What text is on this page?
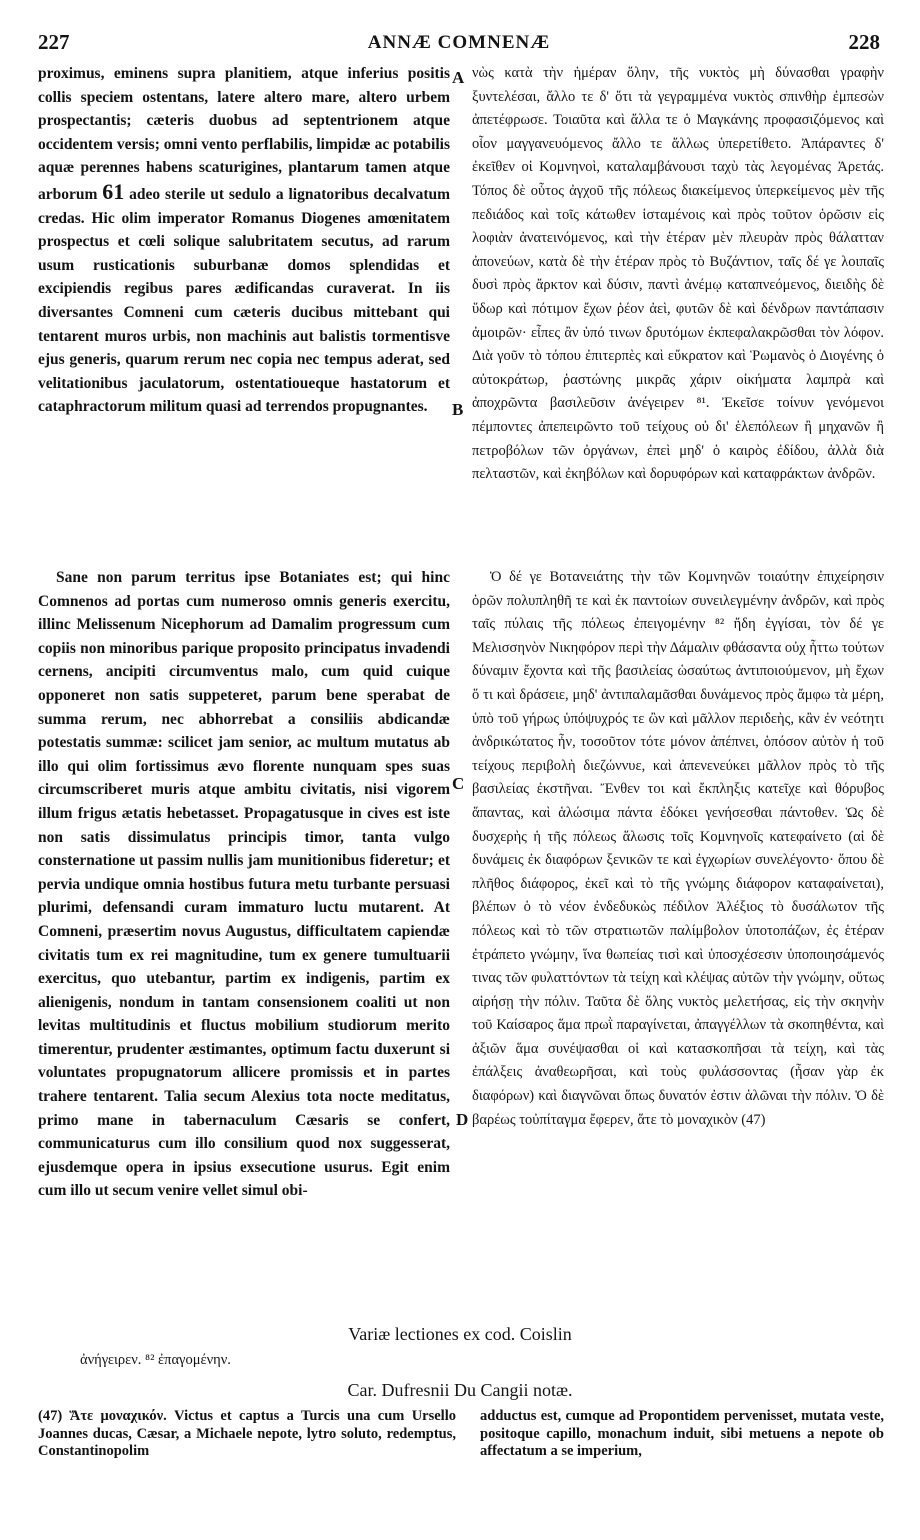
227	ANNÆ COMNENÆ	228
A
B
C
D

proximus, eminens supra planitiem, atque inferius positis collis speciem ostentans, latere altero mare, altero urbem prospectantis; cæteris duobus ad septentrionem atque occidentem versis; omni vento perflabilis, limpidæ ac potabilis aquæ perennes habens scaturigines, plantarum tamen atque arborum 61 adeo sterile ut sedulo a lignatoribus decalvatum credas. Hic olim imperator Romanus Diogenes amœnitatem prospectus et cœli solique salubritatem secutus, ad rarum usum rusticationis suburbanæ domos splendidas et excipiendis regibus pares ædificandas curaverat. In iis diversantes Comneni cum cæteris ducibus mittebant qui tentarent muros urbis, non machinis aut balistis tormentisve ejus generis, quarum rerum nec copia nec tempus aderat, sed velitationibus jaculatorum, ostentatioueque hastatorum et cataphractorum militum quasi ad terrendos propugnantes.

νὼς κατὰ τὴν ἡμέραν ὅλην, τῆς νυκτὸς μὴ δύνασθαι γραφὴν ξυντελέσαι, ἄλλο τε δ' ὅτι τὰ γεγραμμένα νυκτὸς σπινθὴρ ἐμπεσὼν ἀπετέφρωσε. Τοιαῦτα καὶ ἄλλα τε ὁ Μαγκάνης προφασιζόμενος καὶ οἷον μαγγανευόμενος ἄλλο τε ἄλλως ὑπερετίθετο. Ἀπάραντες δ' ἐκεῖθεν οἱ Κομνηνοὶ, καταλαμβάνουσι ταχὺ τὰς λεγομένας Ἀρετάς. Τόπος δὲ οὗτος ἀγχοῦ τῆς πόλεως διακείμενος ὑπερκείμενος μὲν τῆς πεδιάδος καὶ τοῖς κάτωθεν ἱσταμένοις καὶ πρὸς τοῦτον ὁρῶσιν εἰς λοφιὰν ἀνατεινόμενος, καὶ τὴν ἑτέραν μὲν πλευρὰν πρὸς θάλατταν ἀπονεύων, κατὰ δὲ τὴν ἑτέραν πρὸς τὸ Βυζάντιον, ταῖς δέ γε λοιπαῖς δυσὶ πρὸς ἄρκτον καὶ δύσιν, παντὶ ἀνέμῳ καταπνεόμενος, διειδὴς δὲ ὕδωρ καὶ πότιμον ἔχων ῥέον ἀεὶ, φυτῶν δὲ καὶ δένδρων παντάπασιν ἀμοιρῶν· εἶπες ἂν ὑπό τινων δρυτόμων ἐκπεφαλακρῶσθαι τὸν λόφον. Διὰ γοῦν τὸ τόπου ἐπιτερπὲς καὶ εὔκρατον καὶ Ῥωμανὸς ὁ Διογένης ὁ αὐτοκράτωρ, ῥαστώνης μικρᾶς χάριν οἰκήματα λαμπρὰ καὶ ἀποχρῶντα βασιλεῦσιν ἀνέγειρεν ⁸¹. Ἐκεῖσε τοίνυν γενόμενοι πέμποντες ἀπεπειρῶντο τοῦ τείχους οὐ δι' ἑλεπόλεων ἢ μηχανῶν ἢ πετροβόλων τῶν ὀργάνων, ἐπεὶ μηδ' ὁ καιρὸς ἐδίδου, ἀλλὰ διὰ πελταστῶν, καὶ ἐκηβόλων καὶ δορυφόρων καὶ καταφράκτων ἀνδρῶν.

Sane non parum territus ipse Botaniates est; qui hinc Comnenos ad portas cum numeroso omnis generis exercitu, illinc Melissenum Nicephorum ad Damalim progressum cum copiis non minoribus parique proposito principatus invadendi cernens, ancipiti circumventus malo, cum quid cuique opponeret non satis suppeteret, parum bene sperabat de summa rerum, nec abhorrebat a consiliis abdicandæ potestatis summæ: scilicet jam senior, ac multum mutatus ab illo qui olim fortissimus ævo florente nunquam spes suas circumscriberet muris atque ambitu civitatis, nisi vigorem illum frigus ætatis hebetasset. Propagatusque in cives est iste non satis dissimulatus principis timor, tanta vulgo consternatione ut passim nullis jam munitionibus fideretur; et pervia undique omnia hostibus futura metu turbante persuasi plurimi, defensandi curam immaturo luctu mutarent. At Comneni, præsertim novus Augustus, difficultatem capiendæ civitatis tum ex rei magnitudine, tum ex genere tumultuarii exercitus, quo utebantur, partim ex indigenis, partim ex alienigenis, nondum in tantam consensionem coaliti ut non levitas multitudinis et fluctus mobilium studiorum merito timerentur, prudenter æstimantes, optimum factu duxerunt si voluntates propugnatorum allicere promissis et in partes trahere tentarent. Talia secum Alexius tota nocte meditatus, primo mane in tabernaculum Cæsaris se confert, communicaturus cum illo consilium quod nox suggesserat, ejusdemque opera in ipsius exsecutione usurus. Egit enim cum illo ut secum venire vellet simul obi-

Ὁ δέ γε Βοτανειάτης τὴν τῶν Κομνηνῶν τοιαύτην ἐπιχείρησιν ὁρῶν πολυπληθῆ τε καὶ ἐκ παντοίων συνειλεγμένην ἀνδρῶν, καὶ πρὸς ταῖς πύλαις τῆς πόλεως ἐπειγομένην ⁸² ἤδη ἐγγίσαι, τὸν δέ γε Μελισσηνὸν Νικηφόρον περὶ τὴν Δάμαλιν φθάσαντα οὐχ ἧττω τούτων δύναμιν ἔχοντα καὶ τῆς βασιλείας ὡσαύτως ἀντιποιούμενον, μὴ ἔχων ὅ τι καὶ δράσειε, μηδ' ἀντιπαλαμᾶσθαι δυνάμενος πρὸς ἄμφω τὰ μέρη, ὑπὸ τοῦ γήρως ὑπόψυχρός τε ὢν καὶ μᾶλλον περιδεὴς, κἂν ἐν νεότητι ἀνδρικώτατος ἦν, τοσοῦτον τότε μόνον ἀπέπνει, ὁπόσον αὐτὸν ἡ τοῦ τείχους περιβολὴ διεζώννυε, καὶ ἀπενενεύκει μᾶλλον πρὸς τὸ τῆς βασιλείας ἐκστῆναι. Ἔνθεν τοι καὶ ἔκπληξις κατεῖχε καὶ θόρυβος ἅπαντας, καὶ ἁλώσιμα πάντα ἐδόκει γενήσεσθαι πάντοθεν. Ὡς δὲ δυσχερὴς ἡ τῆς πόλεως ἅλωσις τοῖς Κομνηνοῖς κατεφαίνετο (αἱ δὲ δυνάμεις ἐκ διαφόρων ξενικῶν τε καὶ ἐγχωρίων συνελέγοντο· ὅπου δὲ πλῆθος διάφορος, ἐκεῖ καὶ τὸ τῆς γνώμης διάφορον καταφαίνεται), βλέπων ὁ τὸ νέον ἐνδεδυκὼς πέδιλον Ἀλέξιος τὸ δυσάλωτον τῆς πόλεως καὶ τὸ τῶν στρατιωτῶν παλίμβολον ὑποτοπάζων, ἐς ἑτέραν ἐτράπετο γνώμην, ἵνα θωπείας τισὶ καὶ ὑποσχέσεσιν ὑποποιησάμενός τινας τῶν φυλαττόντων τὰ τείχη καὶ κλέψας αὐτῶν τὴν γνώμην, οὕτως αἱρήσῃ τὴν πόλιν. Ταῦτα δὲ ὅλης νυκτὸς μελετήσας, εἰς τὴν σκηνὴν τοῦ Καίσαρος ἅμα πρωῒ παραγίνεται, ἀπαγγέλλων τὰ σκοπηθέντα, καὶ ἀξιῶν ἅμα συνέψασθαι οἱ καὶ κατασκοπῆσαι τὰ τείχη, καὶ τὰς ἐπάλξεις ἀναθεωρῆσαι, καὶ τοὺς φυλάσσοντας (ἦσαν γὰρ ἐκ διαφόρων) καὶ διαγνῶναι ὅπως δυνατόν ἐστιν ἁλῶναι τὴν πόλιν. Ὁ δὲ βαρέως τοὐπίταγμα ἔφερεν, ἅτε τὸ μοναχικὸν (47)

Variæ lectiones ex cod. Coislin
ἀνήγειρεν. ⁸² ἐπαγομένην.
Car. Dufresnii Du Cangii notæ.

(47) Ἅτε μοναχικόν. Victus et captus a Turcis una cum Ursello Joannes ducas, Cæsar, a Michaele nepote, lytro soluto, redemptus, Constantinopolim

adductus est, cumque ad Propontidem pervenisset, mutata veste, positoque capillo, monachum induit, sibi metuens a nepote ob affectatum a se imperium,
